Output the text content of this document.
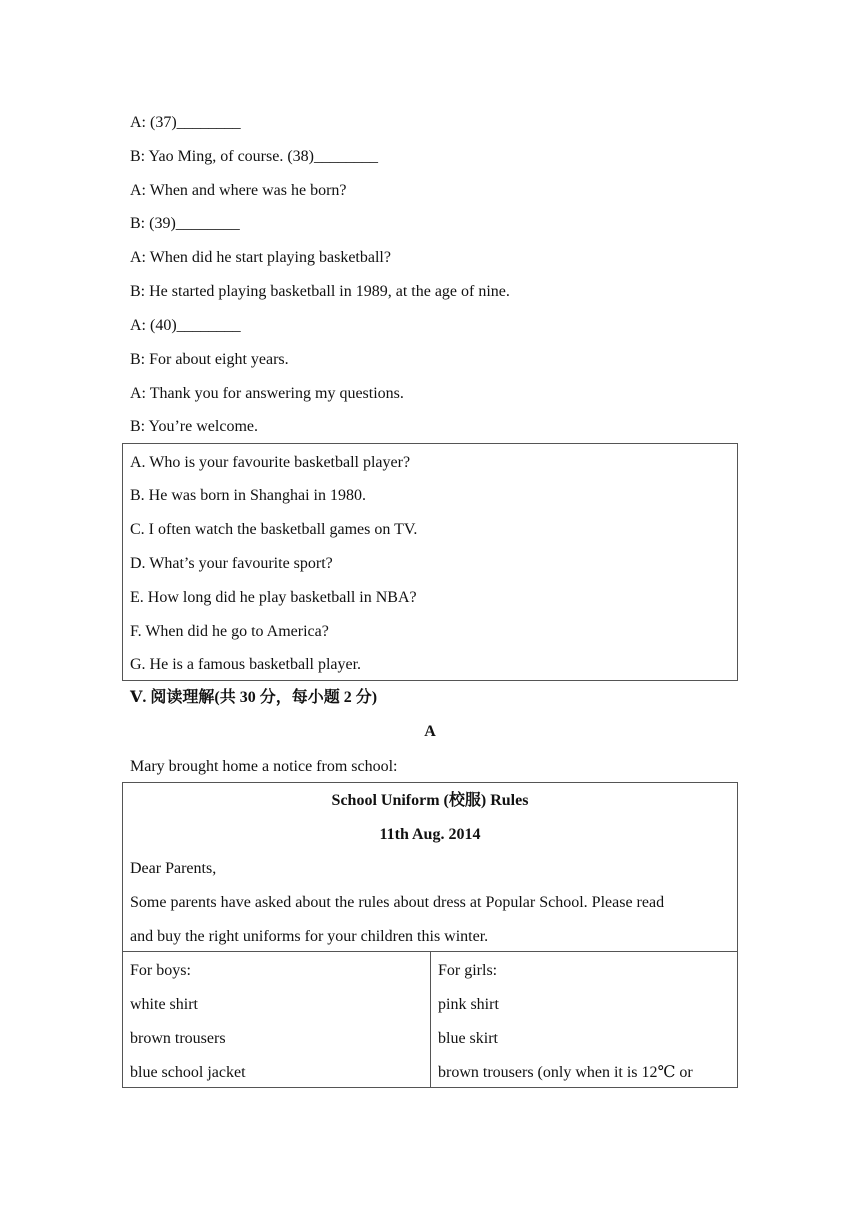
A: (37)________
B: Yao Ming, of course. (38)________
A: When and where was he born?
B: (39)________
A: When did he start playing basketball?
B: He started playing basketball in 1989, at the age of nine.
A: (40)________
B: For about eight years.
A: Thank you for answering my questions.
B: You’re welcome.
A. Who is your favourite basketball player?
B. He was born in Shanghai in 1980.
C. I often watch the basketball games on TV.
D. What’s your favourite sport?
E. How long did he play basketball in NBA?
F. When did he go to America?
G. He is a famous basketball player.
Ⅴ. 阅读理解(共 30 分，每小题 2 分)
A
Mary brought home a notice from school:
School Uniform (校服) Rules
11th Aug. 2014
Dear Parents,
Some parents have asked about the rules about dress at Popular School. Please read
and buy the right uniforms for your children this winter.
For boys:
white shirt
brown trousers
blue school jacket
For girls:
pink shirt
blue skirt
brown trousers (only when it is 12℃ or
